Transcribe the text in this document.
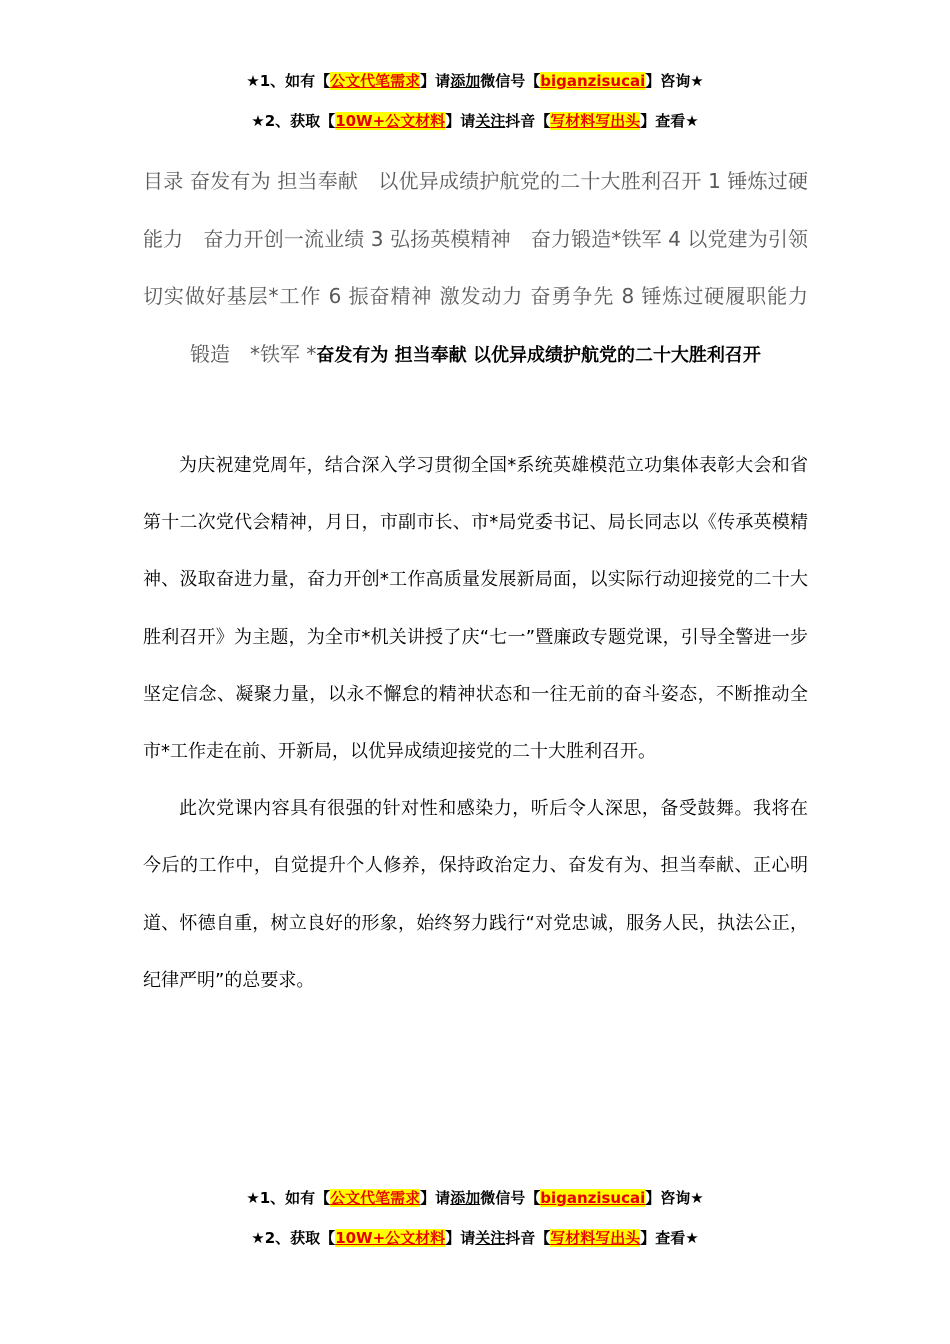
★1、如有【公文代笔需求】请添加微信号【biganzisucai】咨询★
★2、获取【10W+公文材料】请关注抖音【写材料写出头】查看★
目录 奋发有为 担当奉献　以优异成绩护航党的二十大胜利召开 1 锤炼过硬能力　奋力开创一流业绩 3 弘扬英模精神　奋力锻造*铁军 4 以党建为引领　切实做好基层*工作 6 振奋精神 激发动力 奋勇争先 8 锤炼过硬履职能力　锻造　*铁军 *奋发有为 担当奉献 以优异成绩护航党的二十大胜利召开

为庆祝建党周年，结合深入学习贯彻全国*系统英雄模范立功集体表彰大会和省第十二次党代会精神，月日，市副市长、市*局党委书记、局长同志以《传承英模精神、汲取奋进力量，奋力开创*工作高质量发展新局面，以实际行动迎接党的二十大胜利召开》为主题，为全市*机关讲授了庆“七一”暨廉政专题党课，引导全警进一步坚定信念、凝聚力量，以永不懈怠的精神状态和一往无前的奋斗姿态，不断推动全市*工作走在前、开新局，以优异成绩迎接党的二十大胜利召开。

此次党课内容具有很强的针对性和感染力，听后令人深思，备受鼓舞。我将在今后的工作中，自觉提升个人修养，保持政治定力、奋发有为、担当奉献、正心明道、怀德自重，树立良好的形象，始终努力践行“对党忠诚，服务人民，执法公正，纪律严明”的总要求。

★1、如有【公文代笔需求】请添加微信号【biganzisucai】咨询★
★2、获取【10W+公文材料】请关注抖音【写材料写出头】查看★
